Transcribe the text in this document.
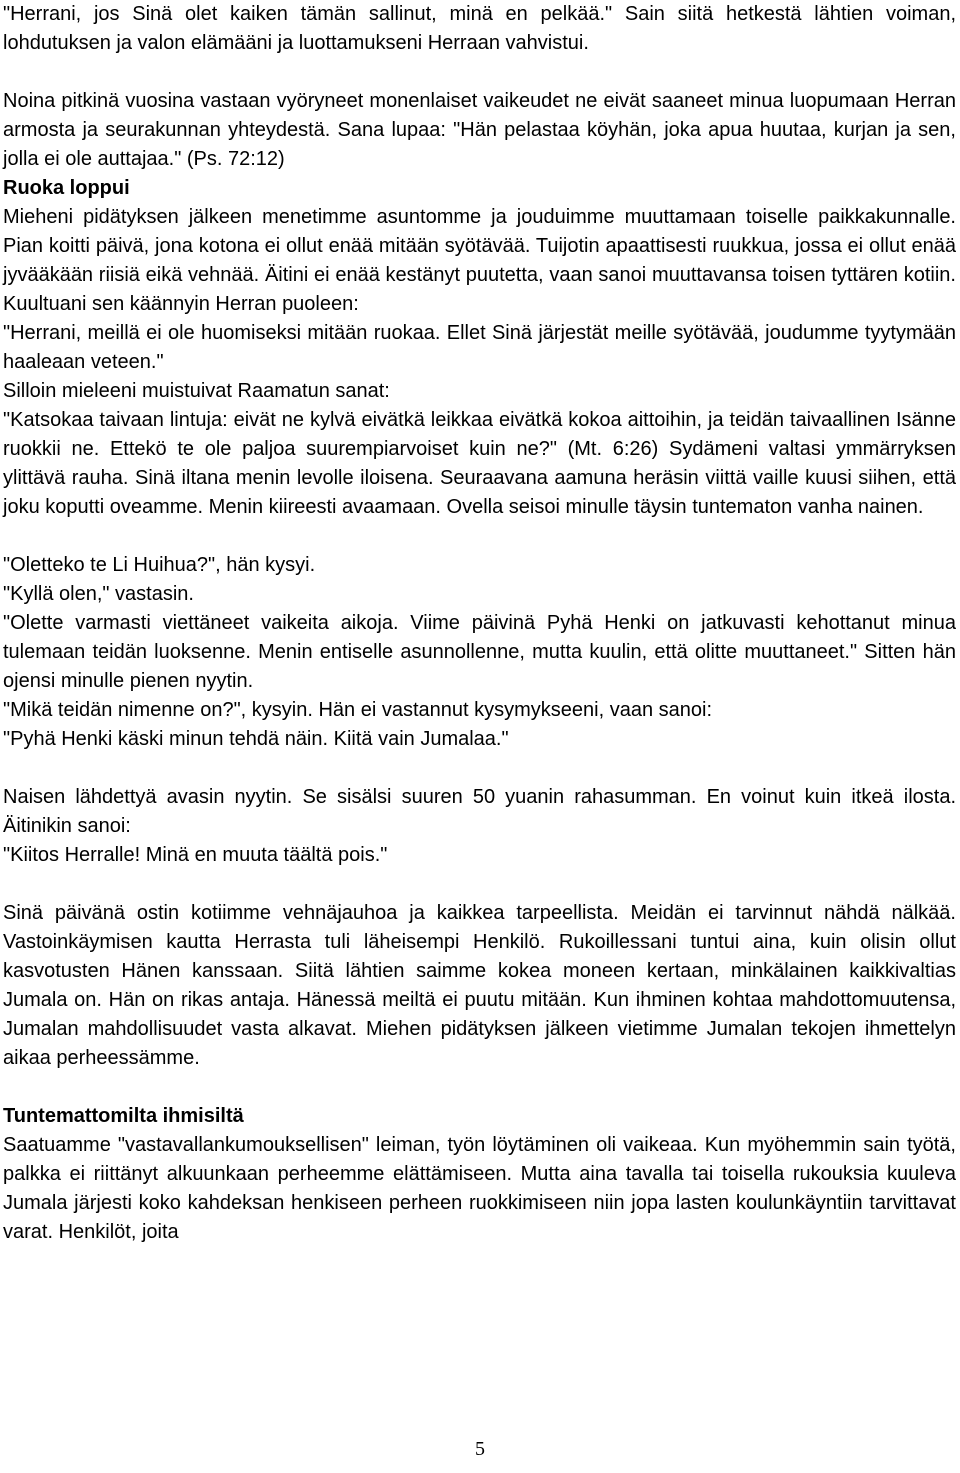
"Herrani, jos Sinä olet kaiken tämän sallinut, minä en pelkää." Sain siitä hetkestä lähtien voiman, lohdutuksen ja valon elämääni ja luottamukseni Herraan vahvistui.

Noina pitkinä vuosina vastaan vyöryneet monenlaiset vaikeudet ne eivät saaneet minua luopumaan Herran armosta ja seurakunnan yhteydestä. Sana lupaa: "Hän pelastaa köyhän, joka apua huutaa, kurjan ja sen, jolla ei ole auttajaa." (Ps. 72:12)

Ruoka loppui

Mieheni pidätyksen jälkeen menetimme asuntomme ja jouduimme muuttamaan toiselle paikkakunnalle. Pian koitti päivä, jona kotona ei ollut enää mitään syötävää. Tuijotin apaattisesti ruukkua, jossa ei ollut enää jyvääkään riisiä eikä vehnää. Äitini ei enää kestänyt puutetta, vaan sanoi muuttavansa toisen tyttären kotiin. Kuultuani sen käännyin Herran puoleen:

"Herrani, meillä ei ole huomiseksi mitään ruokaa. Ellet Sinä järjestät meille syötävää, joudumme tyytymään haaleaan veteen."

Silloin mieleeni muistuivat Raamatun sanat:

"Katsokaa taivaan lintuja: eivät ne kylvä eivätkä leikkaa eivätkä kokoa aittoihin, ja teidän taivaallinen Isänne ruokkii ne. Ettekö te ole paljoa suurempiarvoiset kuin ne?" (Mt. 6:26) Sydämeni valtasi ymmärryksen ylittävä rauha. Sinä iltana menin levolle iloisena. Seuraavana aamuna heräsin viittä vaille kuusi siihen, että joku koputti oveamme. Menin kiireesti avaamaan. Ovella seisoi minulle täysin tuntematon vanha nainen.

"Oletteko te Li Huihua?", hän kysyi.

"Kyllä olen," vastasin.

"Olette varmasti viettäneet vaikeita aikoja. Viime päivinä Pyhä Henki on jatkuvasti kehottanut minua tulemaan teidän luoksenne. Menin entiselle asunnollenne, mutta kuulin, että olitte muuttaneet." Sitten hän ojensi minulle pienen nyytin.

"Mikä teidän nimenne on?", kysyin. Hän ei vastannut kysymykseeni, vaan sanoi:

"Pyhä Henki käski minun tehdä näin. Kiitä vain Jumalaa."

Naisen lähdettyä avasin nyytin. Se sisälsi suuren 50 yuanin rahasumman. En voinut kuin itkeä ilosta. Äitinikin sanoi:

"Kiitos Herralle! Minä en muuta täältä pois."

Sinä päivänä ostin kotiimme vehnäjauhoa ja kaikkea tarpeellista. Meidän ei tarvinnut nähdä nälkää. Vastoinkäymisen kautta Herrasta tuli läheisempi Henkilö. Rukoillessani tuntui aina, kuin olisin ollut kasvotusten Hänen kanssaan. Siitä lähtien saimme kokea moneen kertaan, minkälainen kaikkivaltias Jumala on. Hän on rikas antaja. Hänessä meiltä ei puutu mitään. Kun ihminen kohtaa mahdottomuutensa, Jumalan mahdollisuudet vasta alkavat. Miehen pidätyksen jälkeen vietimme Jumalan tekojen ihmettelyn aikaa perheessämme.

Tuntemattomilta ihmisiltä

Saatuamme "vastavallankumouksellisen" leiman, työn löytäminen oli vaikeaa. Kun myöhemmin sain työtä, palkka ei riittänyt alkuunkaan perheemme elättämiseen. Mutta aina tavalla tai toisella rukouksia kuuleva Jumala järjesti koko kahdeksan henkiseen perheen ruokkimiseen niin jopa lasten koulunkäyntiin tarvittavat varat. Henkilöt, joita

5
